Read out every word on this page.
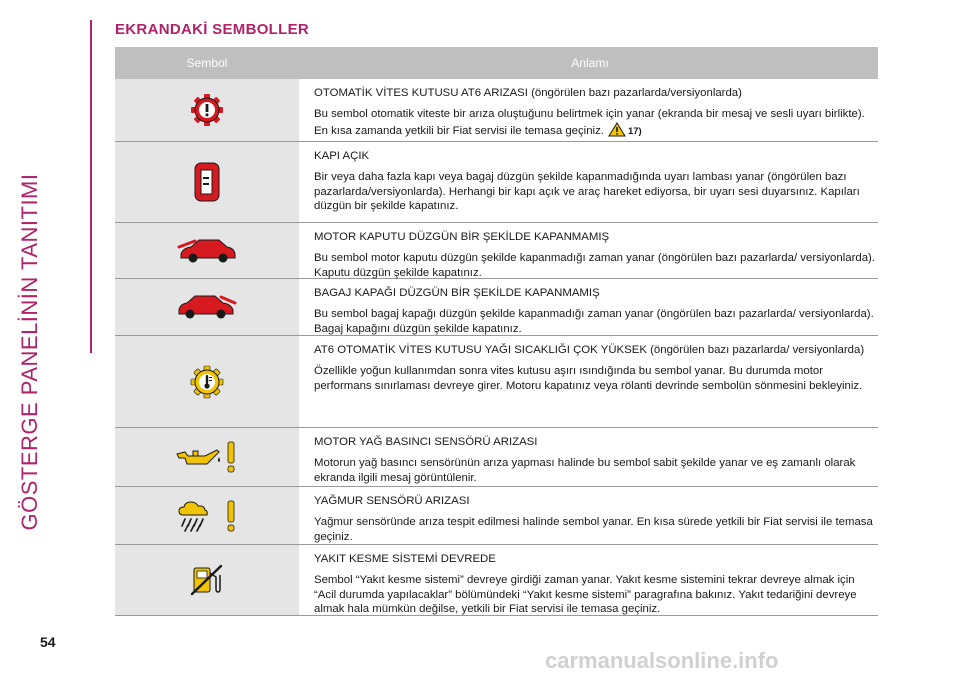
GÖSTERGE PANELİNİN TANITIMI
EKRANDAKİ SEMBOLLER
Sembol	Anlamı

OTOMATİK VİTES KUTUSU AT6 ARIZASI (öngörülen bazı pazarlarda/versiyonlarda)

Bu sembol otomatik viteste bir arıza oluştuğunu belirtmek için yanar (ekranda bir mesaj ve sesli uyarı birlikte). En kısa zamanda yetkili bir Fiat servisi ile temasa geçiniz.	17)

KAPI AÇIK

Bir veya daha fazla kapı veya bagaj düzgün şekilde kapanmadığında uyarı lambası yanar (öngörülen bazı pazarlarda/versiyonlarda). Herhangi bir kapı açık ve araç hareket ediyorsa, bir uyarı sesi duyarsınız. Kapıları düzgün bir şekilde kapatınız.

MOTOR KAPUTU DÜZGÜN BİR ŞEKİLDE KAPANMAMIŞ

Bu sembol motor kaputu düzgün şekilde kapanmadığı zaman yanar (öngörülen bazı pazarlarda/ versiyonlarda). Kaputu düzgün şekilde kapatınız.

BAGAJ KAPAĞI DÜZGÜN BİR ŞEKİLDE KAPANMAMIŞ

Bu sembol bagaj kapağı düzgün şekilde kapanmadığı zaman yanar (öngörülen bazı pazarlarda/ versiyonlarda). Bagaj kapağını düzgün şekilde kapatınız.

AT6 OTOMATİK VİTES KUTUSU YAĞI SICAKLIĞI ÇOK YÜKSEK (öngörülen bazı pazarlarda/ versiyonlarda)

Özellikle yoğun kullanımdan sonra vites kutusu aşırı ısındığında bu sembol yanar. Bu durumda motor performans sınırlaması devreye girer. Motoru kapatınız veya rölanti devrinde sembolün sönmesini bekleyiniz.

MOTOR YAĞ BASINCI SENSÖRÜ ARIZASI

Motorun yağ basıncı sensörünün arıza yapması halinde bu sembol sabit şekilde yanar ve eş zamanlı olarak ekranda ilgili mesaj görüntülenir.

YAĞMUR SENSÖRÜ ARIZASI

Yağmur sensöründe arıza tespit edilmesi halinde sembol yanar. En kısa sürede yetkili bir Fiat servisi ile temasa geçiniz.

YAKIT KESME SİSTEMİ DEVREDE

Sembol “Yakıt kesme sistemi” devreye girdiği zaman yanar. Yakıt kesme sistemini tekrar devreye almak için “Acil durumda yapılacaklar” bölümündeki “Yakıt kesme sistemi” paragrafına bakınız. Yakıt tedariğini devreye almak hala mümkün değilse, yetkili bir Fiat servisi ile temasa geçiniz.

54
carmanualsonline.info
